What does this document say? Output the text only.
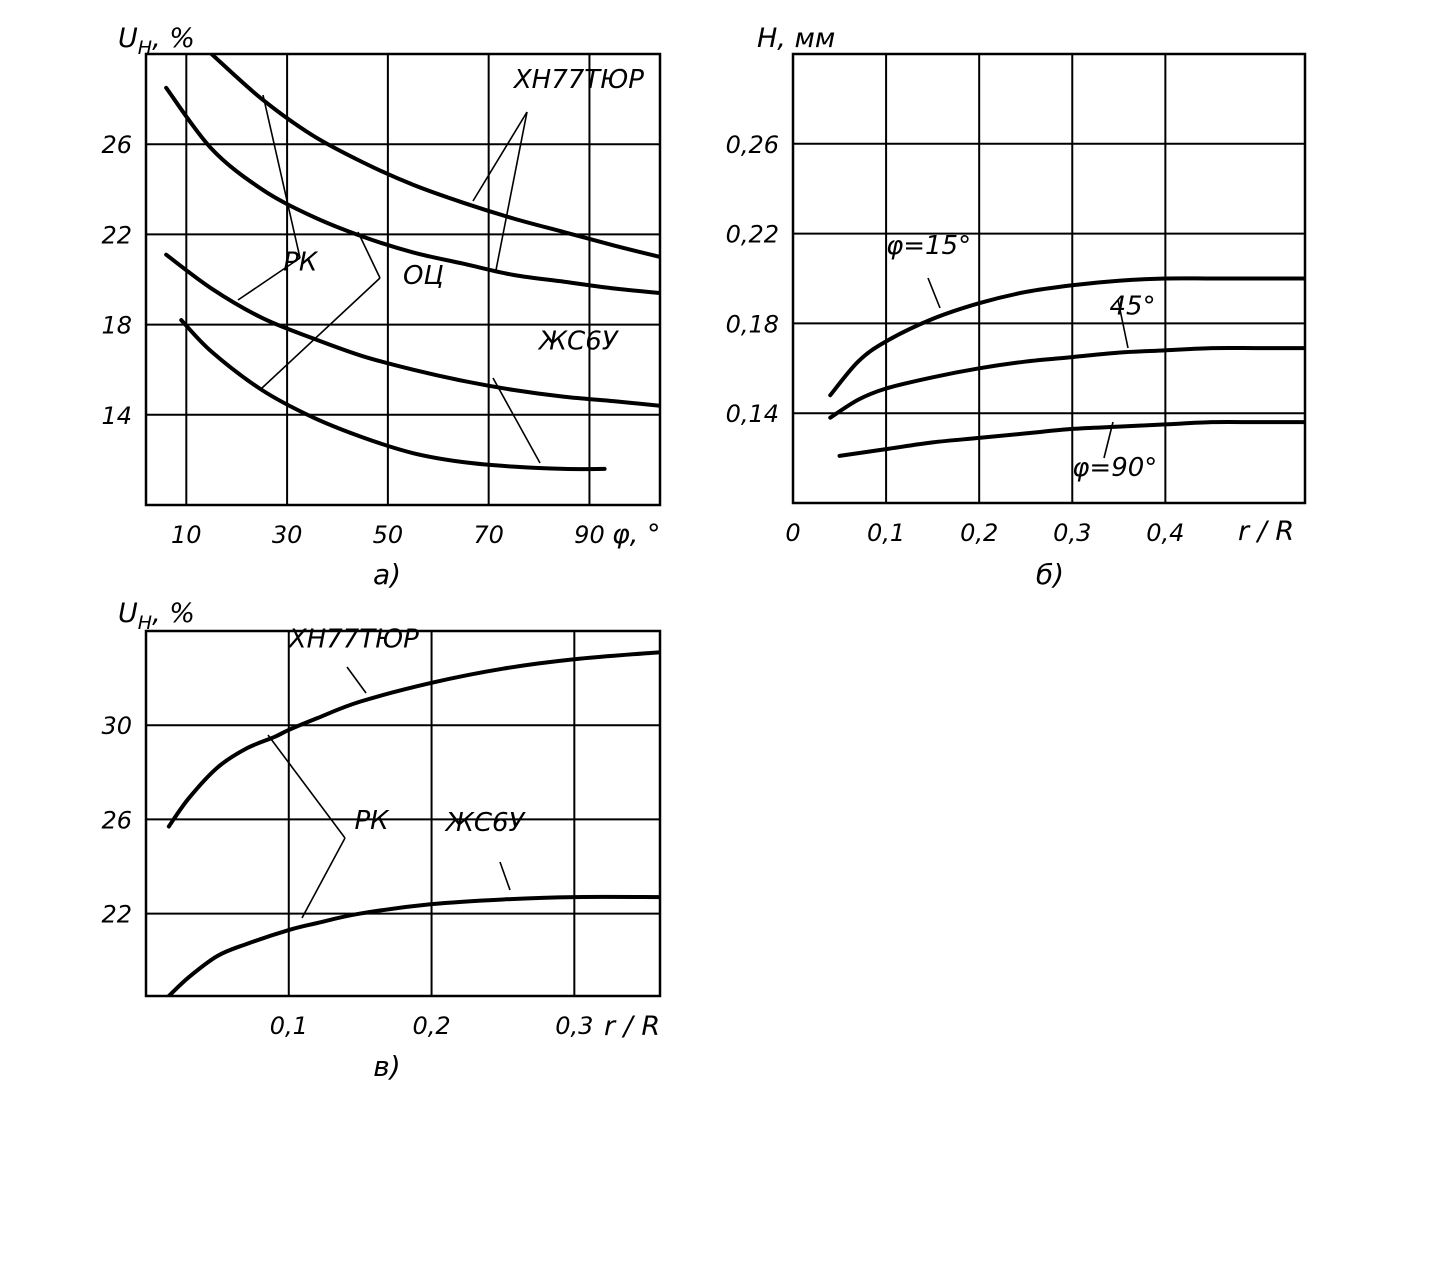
10	30	50	70	90
14
18
22
26
$U_H$, %
φ, °
а)
ХН77ТЮР
РК	ОЦ
ЖС6У
0	0,1 0,2 0,3 0,4
0,14
0,18
0,22
0,26
H, мм
r / R
б)
φ=15°
45°
φ=90°
0,1	0,2	0,3
22
26
30
$U_H$, %
r / R
в)
ХН77ТЮР
РК ЖС6У
